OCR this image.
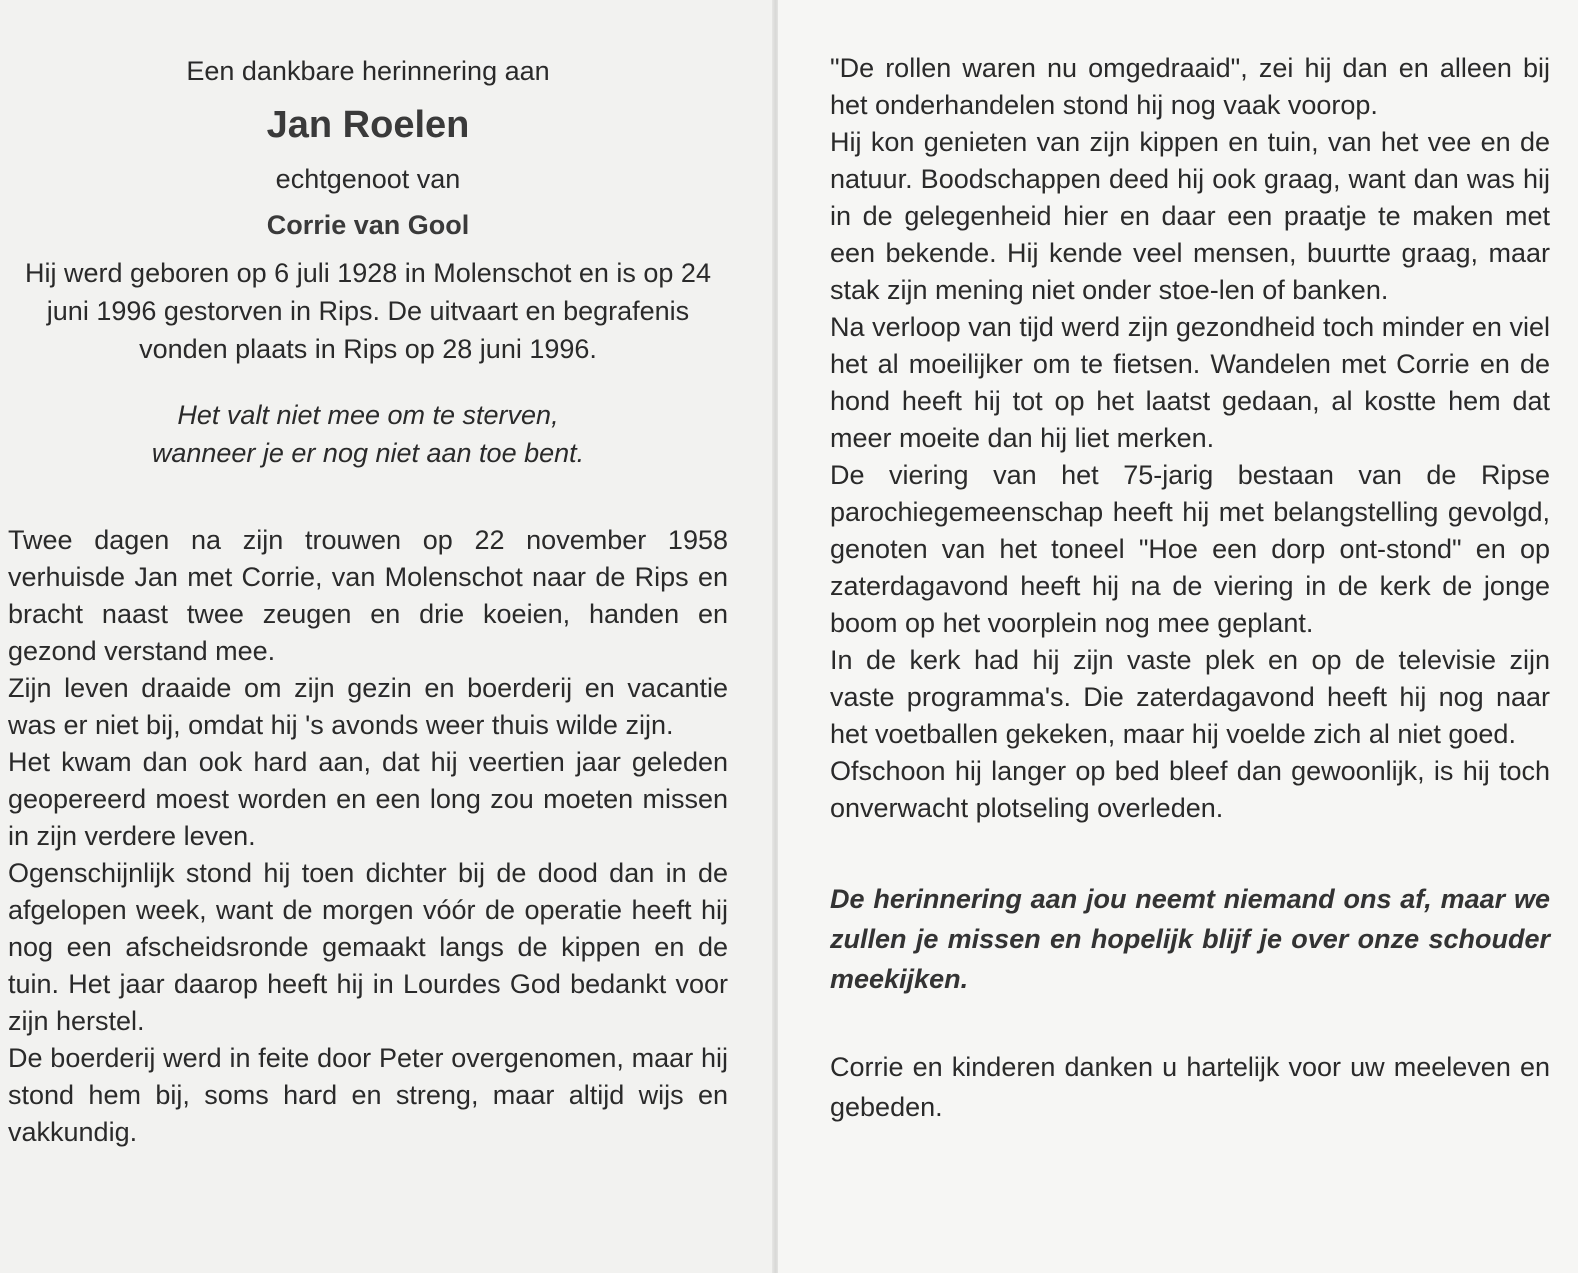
Een dankbare herinnering aan
Jan Roelen
echtgenoot van
Corrie van Gool
Hij werd geboren op 6 juli 1928 in Molenschot en is op 24 juni 1996 gestorven in Rips. De uitvaart en begrafenis vonden plaats in Rips op 28 juni 1996.
Het valt niet mee om te sterven,
wanneer je er nog niet aan toe bent.

Twee dagen na zijn trouwen op 22 november 1958 verhuisde Jan met Corrie, van Molenschot naar de Rips en bracht naast twee zeugen en drie koeien, handen en gezond verstand mee.

Zijn leven draaide om zijn gezin en boerderij en vacantie was er niet bij, omdat hij 's avonds weer thuis wilde zijn.

Het kwam dan ook hard aan, dat hij veertien jaar geleden geopereerd moest worden en een long zou moeten missen in zijn verdere leven.

Ogenschijnlijk stond hij toen dichter bij de dood dan in de afgelopen week, want de morgen vóór de operatie heeft hij nog een afscheidsronde gemaakt langs de kippen en de tuin. Het jaar daarop heeft hij in Lourdes God bedankt voor zijn herstel.

De boerderij werd in feite door Peter overgenomen, maar hij stond hem bij, soms hard en streng, maar altijd wijs en vakkundig.

"De rollen waren nu omgedraaid", zei hij dan en alleen bij het onderhandelen stond hij nog vaak voorop.

Hij kon genieten van zijn kippen en tuin, van het vee en de natuur. Boodschappen deed hij ook graag, want dan was hij in de gelegenheid hier en daar een praatje te maken met een bekende. Hij kende veel mensen, buurtte graag, maar stak zijn mening niet onder stoe-len of banken.

Na verloop van tijd werd zijn gezondheid toch minder en viel het al moeilijker om te fietsen. Wandelen met Corrie en de hond heeft hij tot op het laatst gedaan, al kostte hem dat meer moeite dan hij liet merken.

De viering van het 75-jarig bestaan van de Ripse parochiegemeenschap heeft hij met belangstelling gevolgd, genoten van het toneel "Hoe een dorp ont-stond" en op zaterdagavond heeft hij na de viering in de kerk de jonge boom op het voorplein nog mee geplant.

In de kerk had hij zijn vaste plek en op de televisie zijn vaste programma's. Die zaterdagavond heeft hij nog naar het voetballen gekeken, maar hij voelde zich al niet goed.

Ofschoon hij langer op bed bleef dan gewoonlijk, is hij toch onverwacht plotseling overleden.

De herinnering aan jou neemt niemand ons af, maar we zullen je missen en hopelijk blijf je over onze schouder meekijken.

Corrie en kinderen danken u hartelijk voor uw meeleven en gebeden.
